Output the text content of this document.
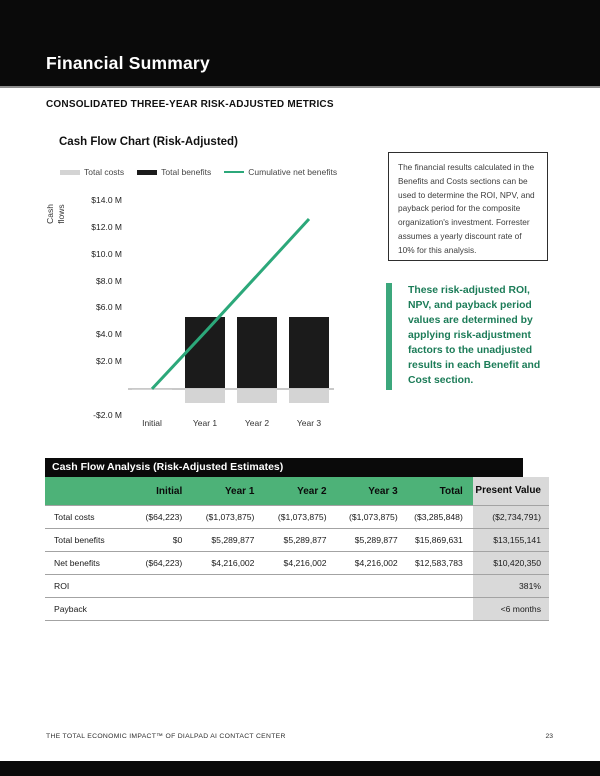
Financial Summary
CONSOLIDATED THREE-YEAR RISK-ADJUSTED METRICS
Cash Flow Chart (Risk-Adjusted)
Total costs	Total benefits	Cumulative net benefits
Cash flows
$14.0 M
$12.0 M
$10.0 M
$8.0 M
$6.0 M
$4.0 M
$2.0 M
-$2.0 M
Initial	Year 1	Year 2	Year 3

The financial results calculated in the Benefits and Costs sections can be used to determine the ROI, NPV, and payback period for the composite organization's investment. Forrester assumes a yearly discount rate of 10% for this analysis.

These risk-adjusted ROI, NPV, and payback period values are determined by applying risk-adjustment factors to the unadjusted results in each Benefit and Cost section.

Cash Flow Analysis (Risk-Adjusted Estimates)
	Initial	Year 1	Year 2	Year 3	Total	Present Value
Total costs	($64,223)	($1,073,875)	($1,073,875)	($1,073,875)	($3,285,848)	($2,734,791)
Total benefits	$0	$5,289,877	$5,289,877	$5,289,877	$15,869,631	$13,155,141
Net benefits	($64,223)	$4,216,002	$4,216,002	$4,216,002	$12,583,783	$10,420,350
ROI						381%
Payback						<6 months
THE TOTAL ECONOMIC IMPACT™ OF DIALPAD AI CONTACT CENTER	23
